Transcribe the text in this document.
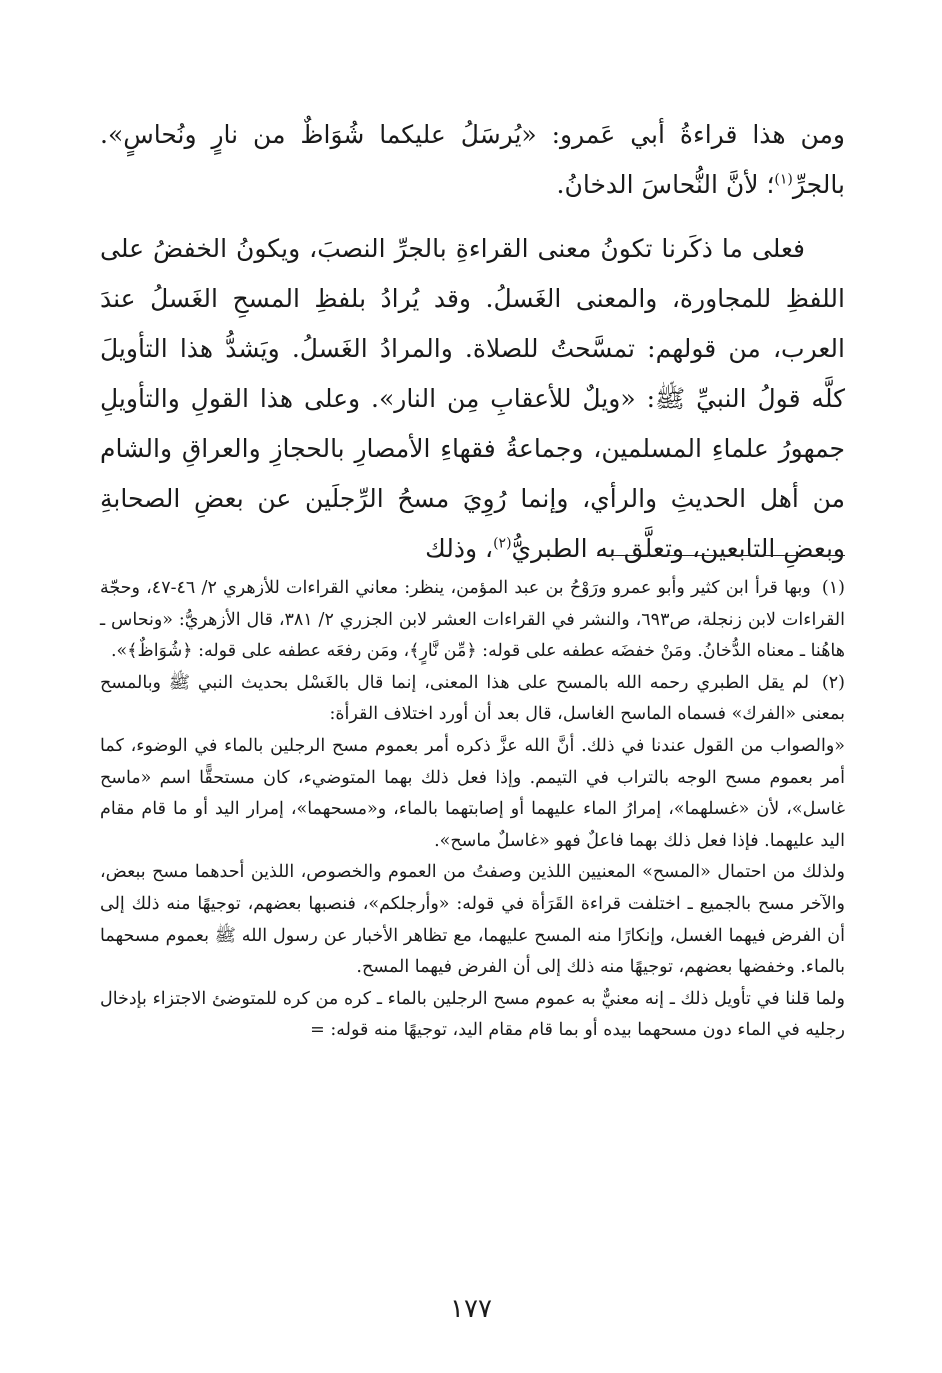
ومن هذا قراءةُ أبي عَمرو: «يُرسَلُ عليكما شُوَاظٌ من نارٍ ونُحاسٍ». بالجرِّ$^{(١)}$؛ لأنَّ النُّحاسَ الدخانُ.

فعلى ما ذكَرنا تكونُ معنى القراءةِ بالجرِّ النصبَ، ويكونُ الخفضُ على اللفظِ للمجاورة، والمعنى الغَسلُ. وقد يُرادُ بلفظِ المسحِ الغَسلُ عندَ العرب، من قولهم: تمسَّحتُ للصلاة. والمرادُ الغَسلُ. ويَشدُّ هذا التأويلَ كلَّه قولُ النبيِّ ﷺ: «ويلٌ للأعقابِ مِن النار». وعلى هذا القولِ والتأويلِ جمهورُ علماءِ المسلمين، وجماعةُ فقهاءِ الأمصارِ بالحجازِ والعراقِ والشام من أهل الحديثِ والرأي، وإنما رُوِيَ مسحُ الرِّجلَين عن بعضِ الصحابةِ وبعضِ التابعين، وتعلَّق به الطبريُّ$^{(٢)}$، وذلك

(١) وبها قرأ ابن كثير وأبو عمرو ورَوْحُ بن عبد المؤمن، ينظر: معاني القراءات للأزهري ٢/ ٤٦-٤٧، وحجّة القراءات لابن زنجلة، ص٦٩٣، والنشر في القراءات العشر لابن الجزري ٢/ ٣٨١، قال الأزهريُّ: «ونحاس ـ هاهُنا ـ معناه الدُّخانُ. ومَنْ خفضَه عطفه على قوله: ﴿مِّن نَّارٍ﴾، ومَن رفعَه عطفه على قوله: ﴿شُوَاظٌ﴾».

(٢) لم يقل الطبري رحمه الله بالمسح على هذا المعنى، إنما قال بالغَسْل بحديث النبي ﷺ وبالمسح بمعنى «الفرك» فسماه الماسح الغاسل، قال بعد أن أورد اختلاف القرأة:

«والصواب من القول عندنا في ذلك. أنَّ الله عزَّ ذكره أمر بعموم مسح الرجلين بالماء في الوضوء، كما أمر بعموم مسح الوجه بالتراب في التيمم. وإذا فعل ذلك بهما المتوضيء، كان مستحقًّا اسم «ماسح غاسل»، لأن «غسلهما»، إمرارُ الماء عليهما أو إصابتهما بالماء، و«مسحهما»، إمرار اليد أو ما قام مقام اليد عليهما. فإذا فعل ذلك بهما فاعلٌ فهو «غاسلٌ ماسح».

ولذلك من احتمال «المسح» المعنيين اللذين وصفتُ من العموم والخصوص، اللذين أحدهما مسح ببعض، والآخر مسح بالجميع ـ اختلفت قراءة القَرَأة في قوله: «وأرجلكم»، فنصبها بعضهم، توجيهًا منه ذلك إلى أن الفرض فيهما الغسل، وإنكارًا منه المسح عليهما، مع تظاهر الأخبار عن رسول الله ﷺ بعموم مسحهما بالماء. وخفضها بعضهم، توجيهًا منه ذلك إلى أن الفرض فيهما المسح.

ولما قلنا في تأويل ذلك ـ إنه معنيٌّ به عموم مسح الرجلين بالماء ـ كره من كره للمتوضئ الاجتزاء بإدخال رجليه في الماء دون مسحهما بيده أو بما قام مقام اليد، توجيهًا منه قوله: =

١٧٧
